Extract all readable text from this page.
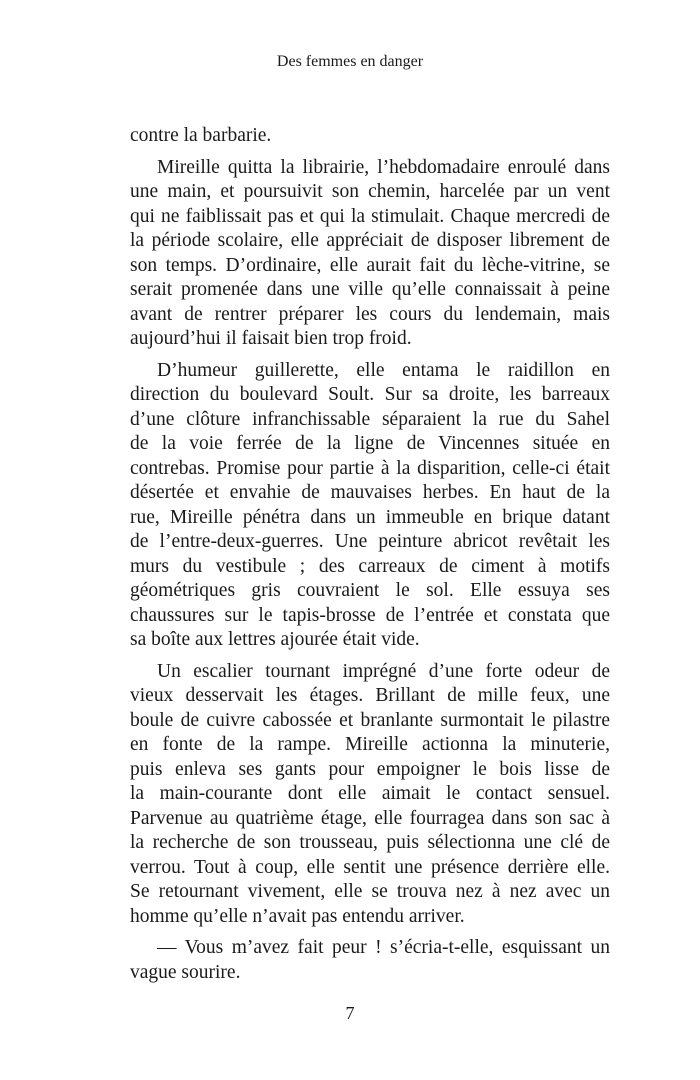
Des femmes en danger
contre la barbarie.
Mireille quitta la librairie, l’hebdomadaire enroulé dans
une main, et poursuivit son chemin, harcelée par un vent
qui ne faiblissait pas et qui la stimulait. Chaque mercredi de
la période scolaire, elle appréciait de disposer librement de
son temps. D’ordinaire, elle aurait fait du lèche-vitrine, se
serait promenée dans une ville qu’elle connaissait à peine
avant de rentrer préparer les cours du lendemain, mais
aujourd’hui il faisait bien trop froid.
D’humeur guillerette, elle entama le raidillon en
direction du boulevard Soult. Sur sa droite, les barreaux
d’une clôture infranchissable séparaient la rue du Sahel
de la voie ferrée de la ligne de Vincennes située en
contrebas. Promise pour partie à la disparition, celle-ci était
désertée et envahie de mauvaises herbes. En haut de la
rue, Mireille pénétra dans un immeuble en brique datant
de l’entre-deux-guerres. Une peinture abricot revêtait les
murs du vestibule ; des carreaux de ciment à motifs
géométriques gris couvraient le sol. Elle essuya ses
chaussures sur le tapis-brosse de l’entrée et constata que
sa boîte aux lettres ajourée était vide.
Un escalier tournant imprégné d’une forte odeur de
vieux desservait les étages. Brillant de mille feux, une
boule de cuivre cabossée et branlante surmontait le pilastre
en fonte de la rampe. Mireille actionna la minuterie,
puis enleva ses gants pour empoigner le bois lisse de
la main-courante dont elle aimait le contact sensuel.
Parvenue au quatrième étage, elle fourragea dans son sac à
la recherche de son trousseau, puis sélectionna une clé de
verrou. Tout à coup, elle sentit une présence derrière elle.
Se retournant vivement, elle se trouva nez à nez avec un
homme qu’elle n’avait pas entendu arriver.
— Vous m’avez fait peur ! s’écria-t-elle, esquissant un
vague sourire.
7
